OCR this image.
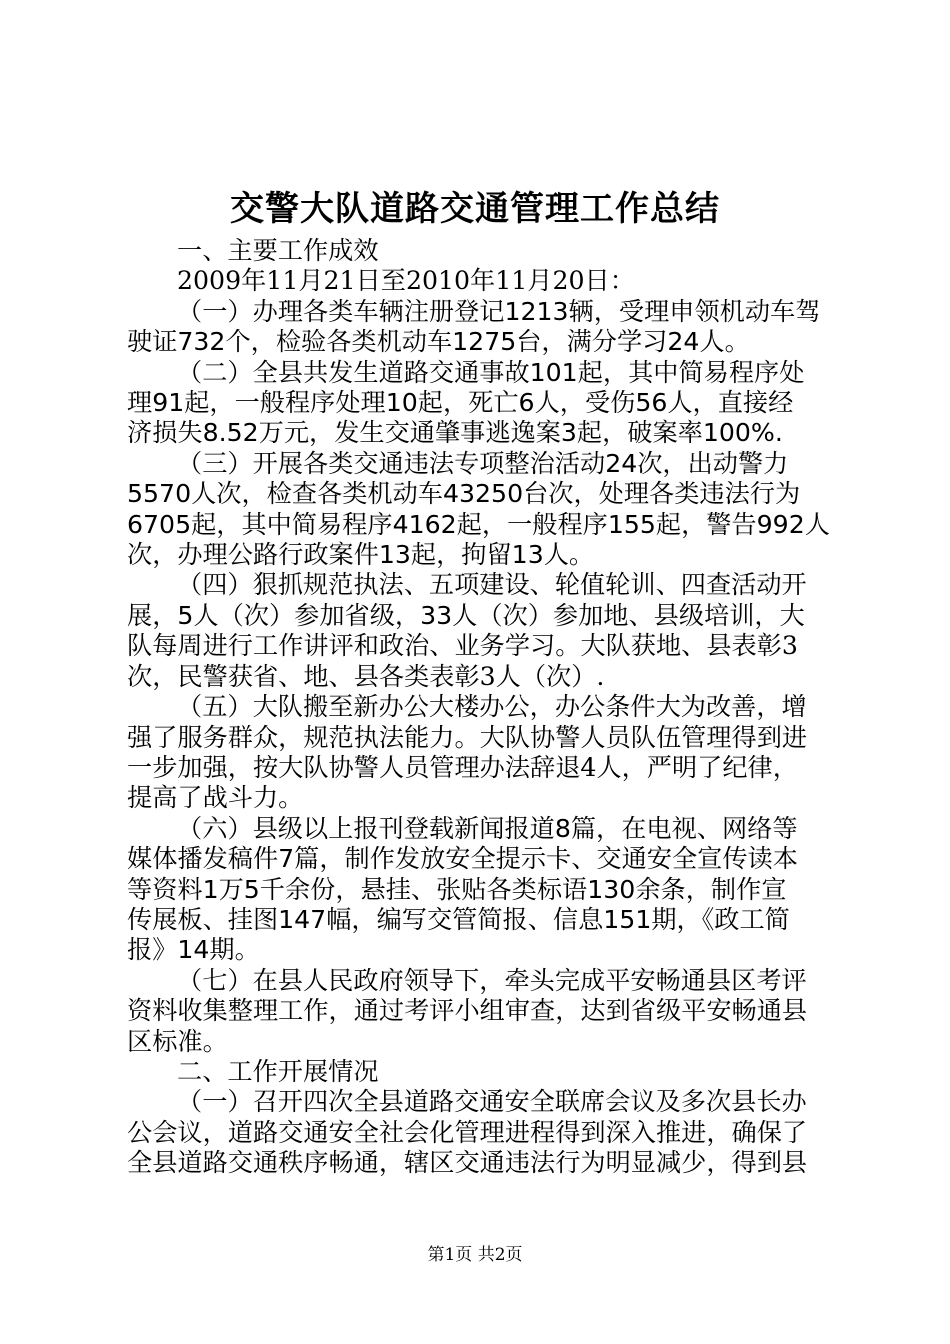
交警大队道路交通管理工作总结

一、主要工作成效

2009年11月21日至2010年11月20日：

（一）办理各类车辆注册登记1213辆，受理申领机动车驾

驶证732个，检验各类机动车1275台，满分学习24人。

（二）全县共发生道路交通事故101起，其中简易程序处

理91起，一般程序处理10起，死亡6人，受伤56人，直接经

济损失8.52万元，发生交通肇事逃逸案3起，破案率100%.

（三）开展各类交通违法专项整治活动24次，出动警力

5570人次，检查各类机动车43250台次，处理各类违法行为

6705起，其中简易程序4162起，一般程序155起，警告992人

次，办理公路行政案件13起，拘留13人。

（四）狠抓规范执法、五项建设、轮值轮训、四查活动开

展，5人（次）参加省级，33人（次）参加地、县级培训，大

队每周进行工作讲评和政治、业务学习。大队获地、县表彰3

次，民警获省、地、县各类表彰3人（次）.

（五）大队搬至新办公大楼办公，办公条件大为改善，增

强了服务群众，规范执法能力。大队协警人员队伍管理得到进

一步加强，按大队协警人员管理办法辞退4人，严明了纪律，

提高了战斗力。

（六）县级以上报刊登载新闻报道8篇，在电视、网络等

媒体播发稿件7篇，制作发放安全提示卡、交通安全宣传读本

等资料1万5千余份，悬挂、张贴各类标语130余条，制作宣

传展板、挂图147幅，编写交管简报、信息151期，《政工简

报》14期。

（七）在县人民政府领导下，牵头完成平安畅通县区考评

资料收集整理工作，通过考评小组审查，达到省级平安畅通县

区标准。

二、工作开展情况

（一）召开四次全县道路交通安全联席会议及多次县长办

公会议，道路交通安全社会化管理进程得到深入推进，确保了

全县道路交通秩序畅通，辖区交通违法行为明显减少，得到县

第1页 共2页
